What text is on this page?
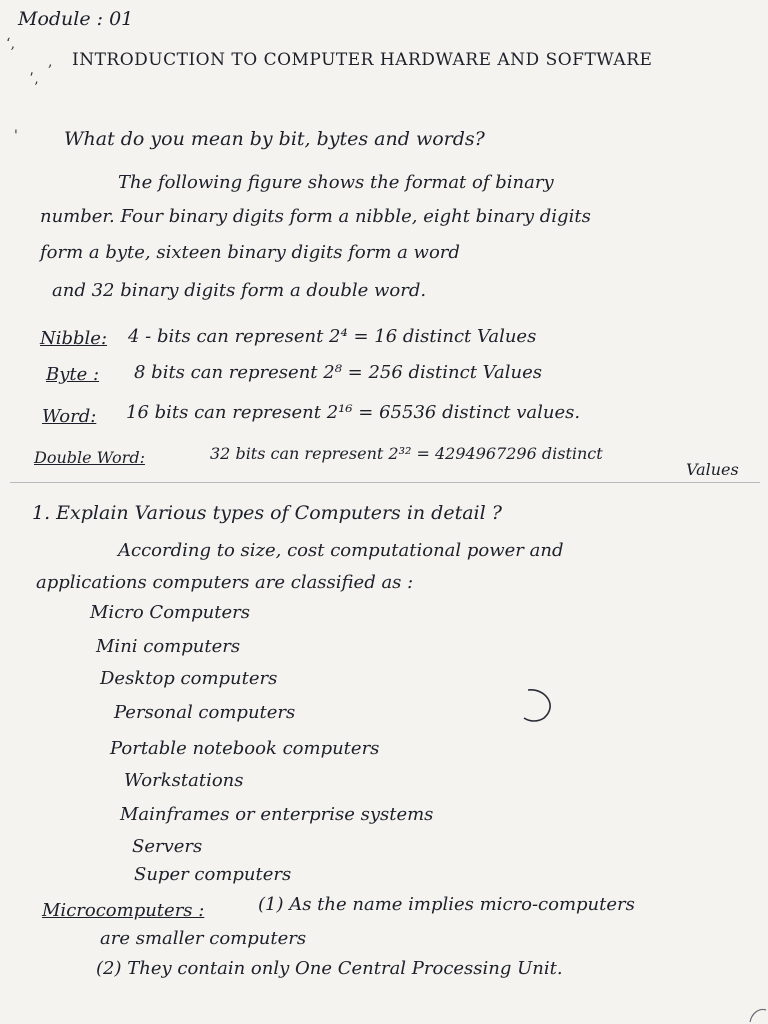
Module : 01
‘‚
⸴
,
’
INTRODUCTION TO COMPUTER HARDWARE AND SOFTWARE
' What do you mean by bit, bytes and words?
The following figure shows the format of binary
number. Four binary digits form a nibble, eight binary digits
form a byte, sixteen binary digits form a word
and 32 binary digits form a double word.
Nibble: 4 - bits can represent 2⁴ = 16 distinct Values
Byte : 8 bits can represent 2⁸ = 256 distinct Values
Word: 16 bits can represent 2¹⁶ = 65536 distinct values.
Double Word:	32 bits can represent 2³² = 4294967296 distinct
Values
1. Explain Various types of Computers in detail ?
According to size, cost computational power and
applications computers are classified as :
Micro Computers
Mini computers
Desktop computers
Personal computers
Portable notebook computers
Workstations
Mainframes or enterprise systems
Servers
Super computers
Microcomputers :	(1) As the name implies micro-computers
are smaller computers
(2) They contain only One Central Processing Unit.
